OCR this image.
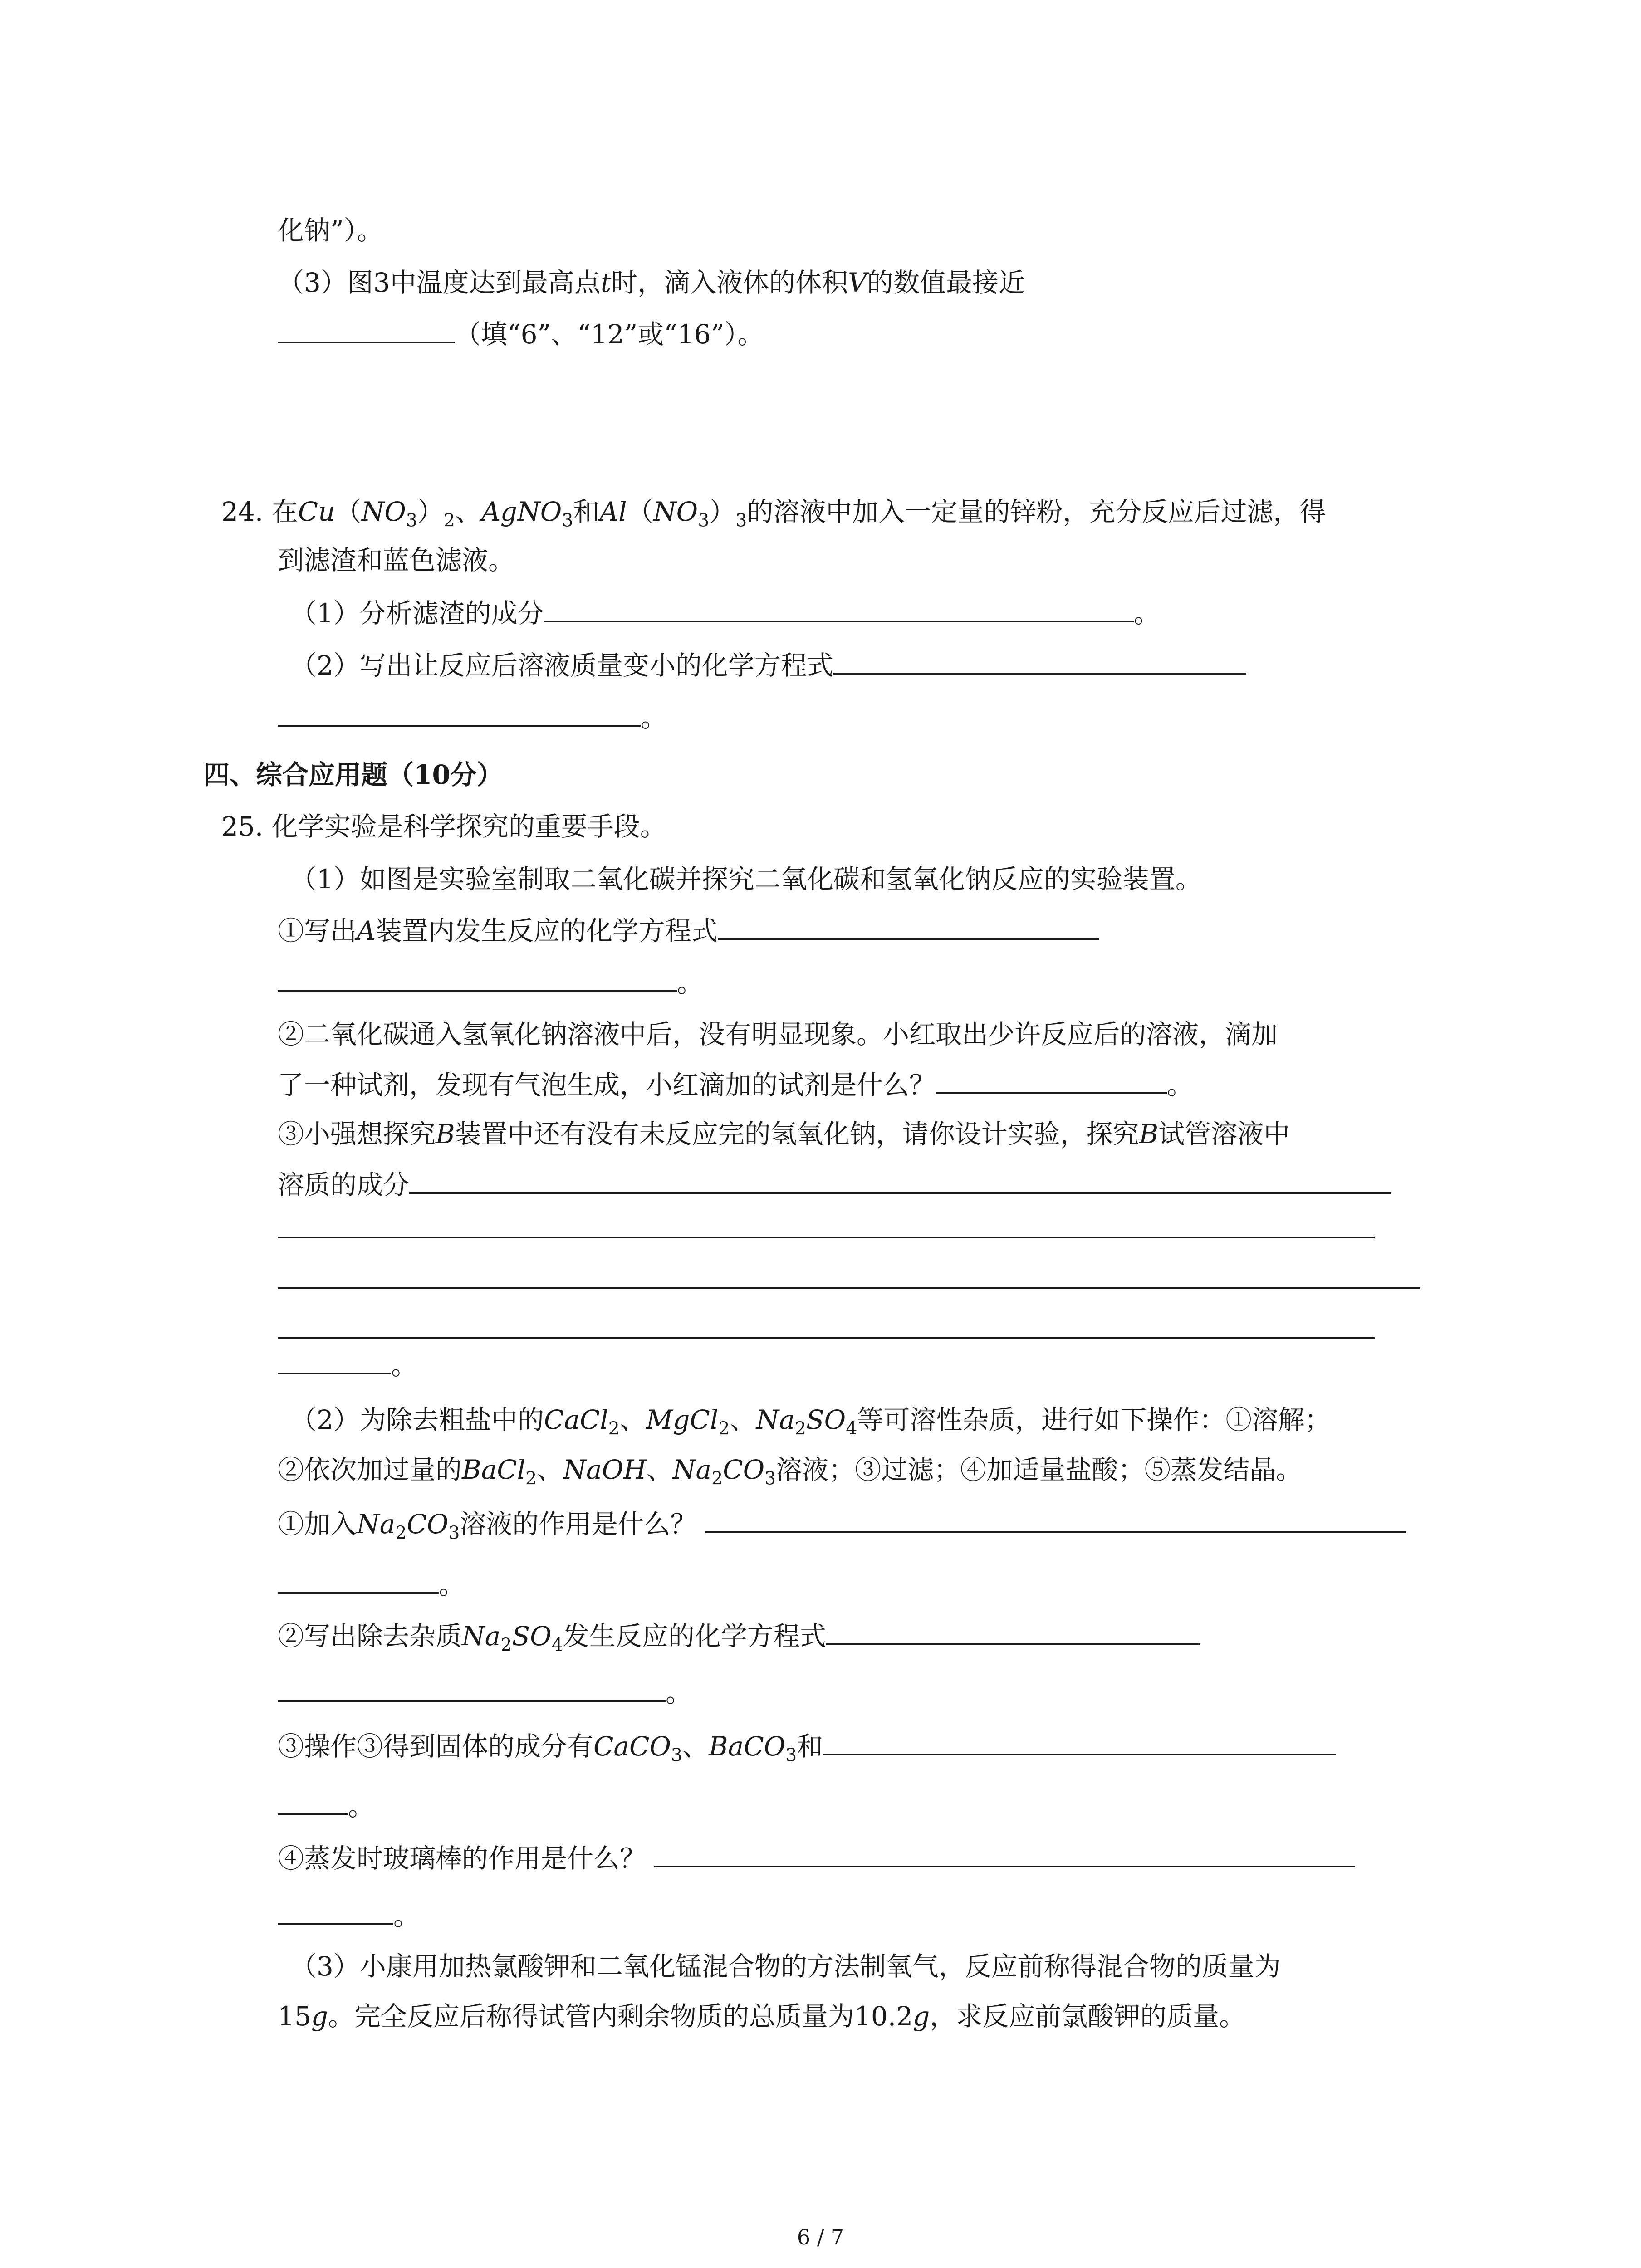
化钠”）。
（3）图3中温度达到最高点t时，滴入液体的体积V的数值最接近
（填“6”、“12”或“16”）。
24. 在$Cu(NO_3)_2$、AgNO$_3$和$Al(NO_3)_3$的溶液中加入一定量的锌粉，充分反应后过滤，得
到滤渣和蓝色滤液。
（1）分析滤渣的成分	。
（2）写出让反应后溶液质量变小的化学方程式
。
四、综合应用题（10分）
25. 化学实验是科学探究的重要手段。
（1）如图是实验室制取二氧化碳并探究二氧化碳和氢氧化钠反应的实验装置。
①写出A装置内发生反应的化学方程式
。
②二氧化碳通入氢氧化钠溶液中后，没有明显现象。小红取出少许反应后的溶液，滴加
了一种试剂，发现有气泡生成，小红滴加的试剂是什么？	。
③小强想探究B装置中还有没有未反应完的氢氧化钠，请你设计实验，探究B试管溶液中
溶质的成分
。
（2）为除去粗盐中的CaCl$_2$、MgCl$_2$、$Na_2SO_4$等可溶性杂质，进行如下操作：①溶解；
②依次加过量的BaCl$_2$、NaOH、$Na_2CO_3$溶液；③过滤；④加适量盐酸；⑤蒸发结晶。
①加入$Na_2CO_3$溶液的作用是什么？
。
②写出除去杂质$Na_2SO_4$发生反应的化学方程式
。
③操作③得到固体的成分有CaCO$_3$、BaCO$_3$和
。
④蒸发时玻璃棒的作用是什么？
。
（3）小康用加热氯酸钾和二氧化锰混合物的方法制氧气，反应前称得混合物的质量为
15g。完全反应后称得试管内剩余物质的总质量为10.2g，求反应前氯酸钾的质量。
6 / 7
